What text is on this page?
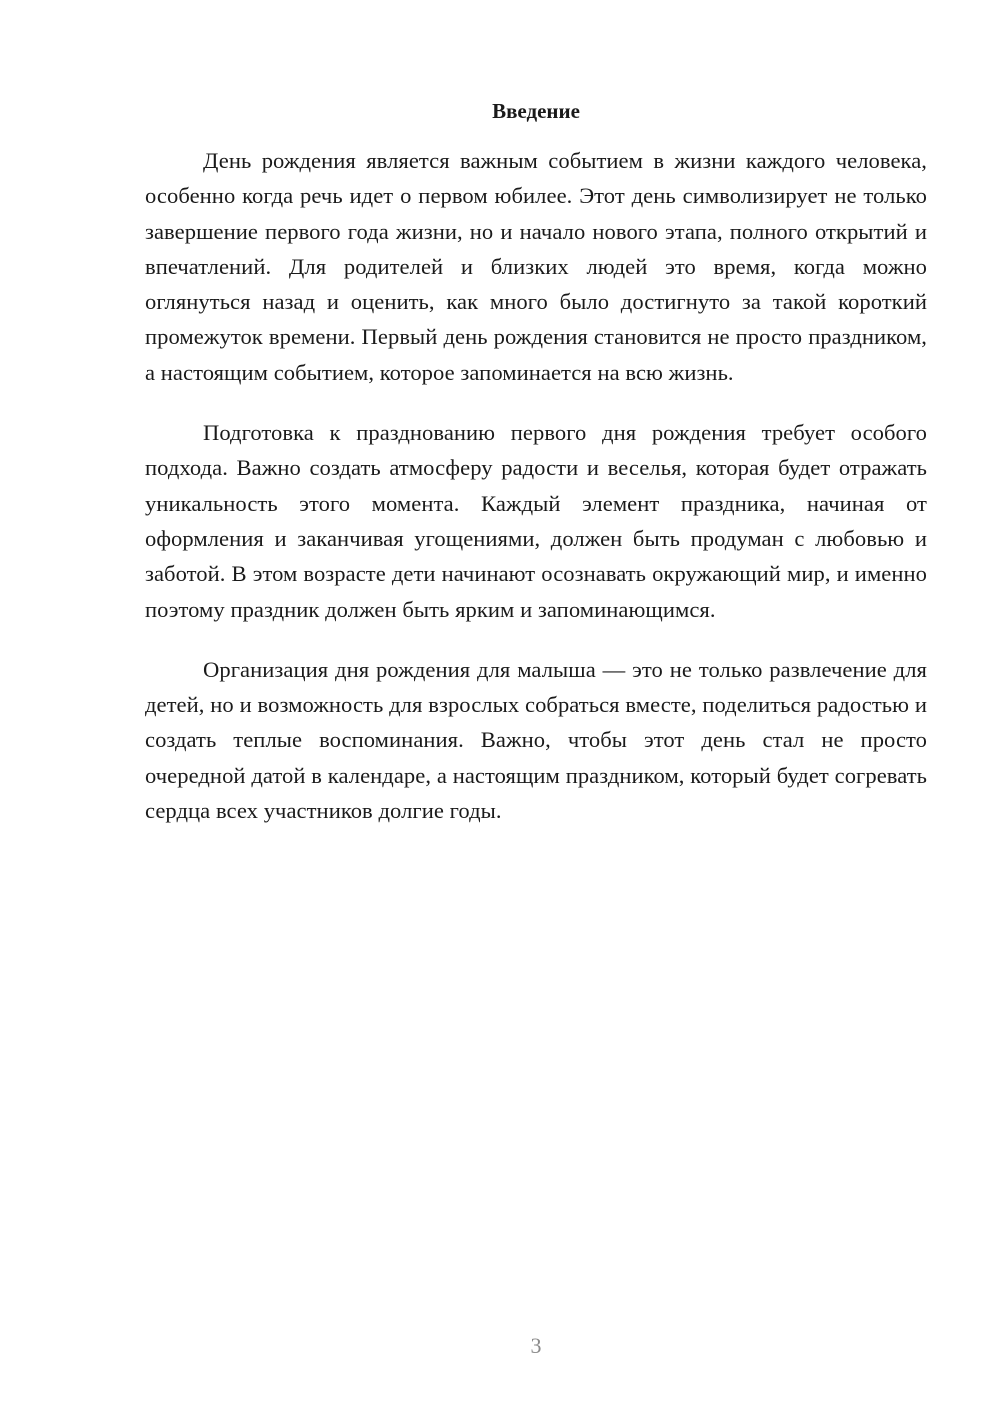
Введение

День рождения является важным событием в жизни каждого человека, особенно когда речь идет о первом юбилее. Этот день символизирует не только завершение первого года жизни, но и начало нового этапа, полного открытий и впечатлений. Для родителей и близких людей это время, когда можно оглянуться назад и оценить, как много было достигнуто за такой короткий промежуток времени. Первый день рождения становится не просто праздником, а настоящим событием, которое запоминается на всю жизнь.

Подготовка к празднованию первого дня рождения требует особого подхода. Важно создать атмосферу радости и веселья, которая будет отражать уникальность этого момента. Каждый элемент праздника, начиная от оформления и заканчивая угощениями, должен быть продуман с любовью и заботой. В этом возрасте дети начинают осознавать окружающий мир, и именно поэтому праздник должен быть ярким и запоминающимся.

Организация дня рождения для малыша — это не только развлечение для детей, но и возможность для взрослых собраться вместе, поделиться радостью и создать теплые воспоминания. Важно, чтобы этот день стал не просто очередной датой в календаре, а настоящим праздником, который будет согревать сердца всех участников долгие годы.

3
